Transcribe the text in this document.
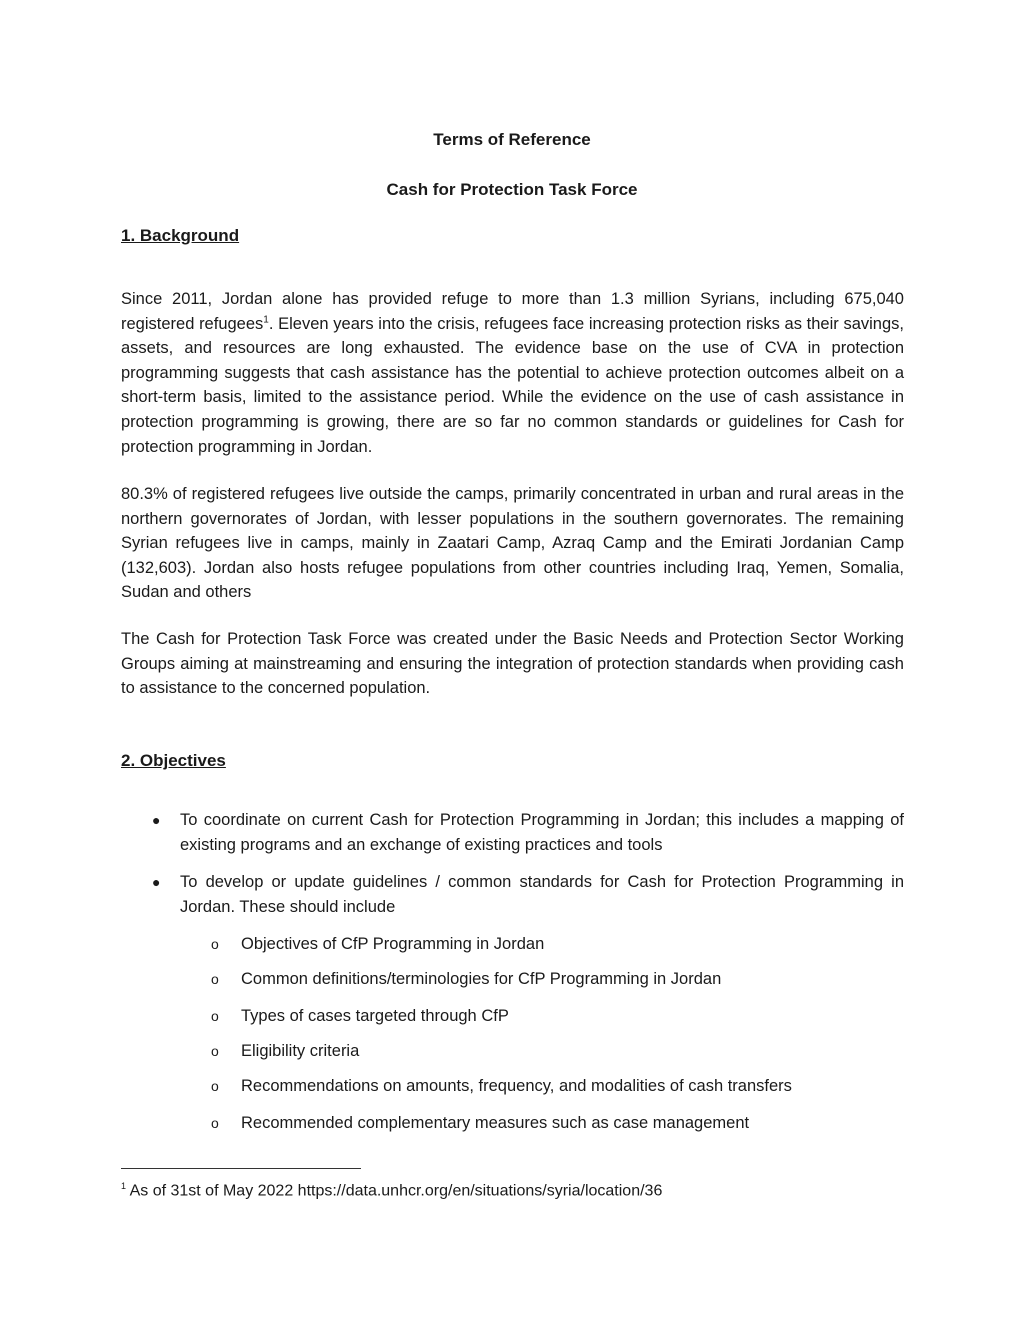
Terms of Reference
Cash for Protection Task Force
1. Background
Since 2011, Jordan alone has provided refuge to more than 1.3 million Syrians, including 675,040 registered refugees$^1$. Eleven years into the crisis, refugees face increasing protection risks as their savings, assets, and resources are long exhausted. The evidence base on the use of CVA in protection programming suggests that cash assistance has the potential to achieve protection outcomes albeit on a short-term basis, limited to the assistance period. While the evidence on the use of cash assistance in protection programming is growing, there are so far no common standards or guidelines for Cash for protection programming in Jordan.
80.3% of registered refugees live outside the camps, primarily concentrated in urban and rural areas in the northern governorates of Jordan, with lesser populations in the southern governorates. The remaining Syrian refugees live in camps, mainly in Zaatari Camp, Azraq Camp and the Emirati Jordanian Camp (132,603). Jordan also hosts refugee populations from other countries including Iraq, Yemen, Somalia, Sudan and others
The Cash for Protection Task Force was created under the Basic Needs and Protection Sector Working Groups aiming at mainstreaming and ensuring the integration of protection standards when providing cash to assistance to the concerned population.
2. Objectives
●	To coordinate on current Cash for Protection Programming in Jordan; this includes a mapping of existing programs and an exchange of existing practices and tools
●	To develop or update guidelines / common standards for Cash for Protection Programming in Jordan. These should include
o Objectives of CfP Programming in Jordan
o Common definitions/terminologies for CfP Programming in Jordan
o Types of cases targeted through CfP
o Eligibility criteria
o Recommendations on amounts, frequency, and modalities of cash transfers
o Recommended complementary measures such as case management
$^1$ As of 31st of May 2022 https://data.unhcr.org/en/situations/syria/location/36
